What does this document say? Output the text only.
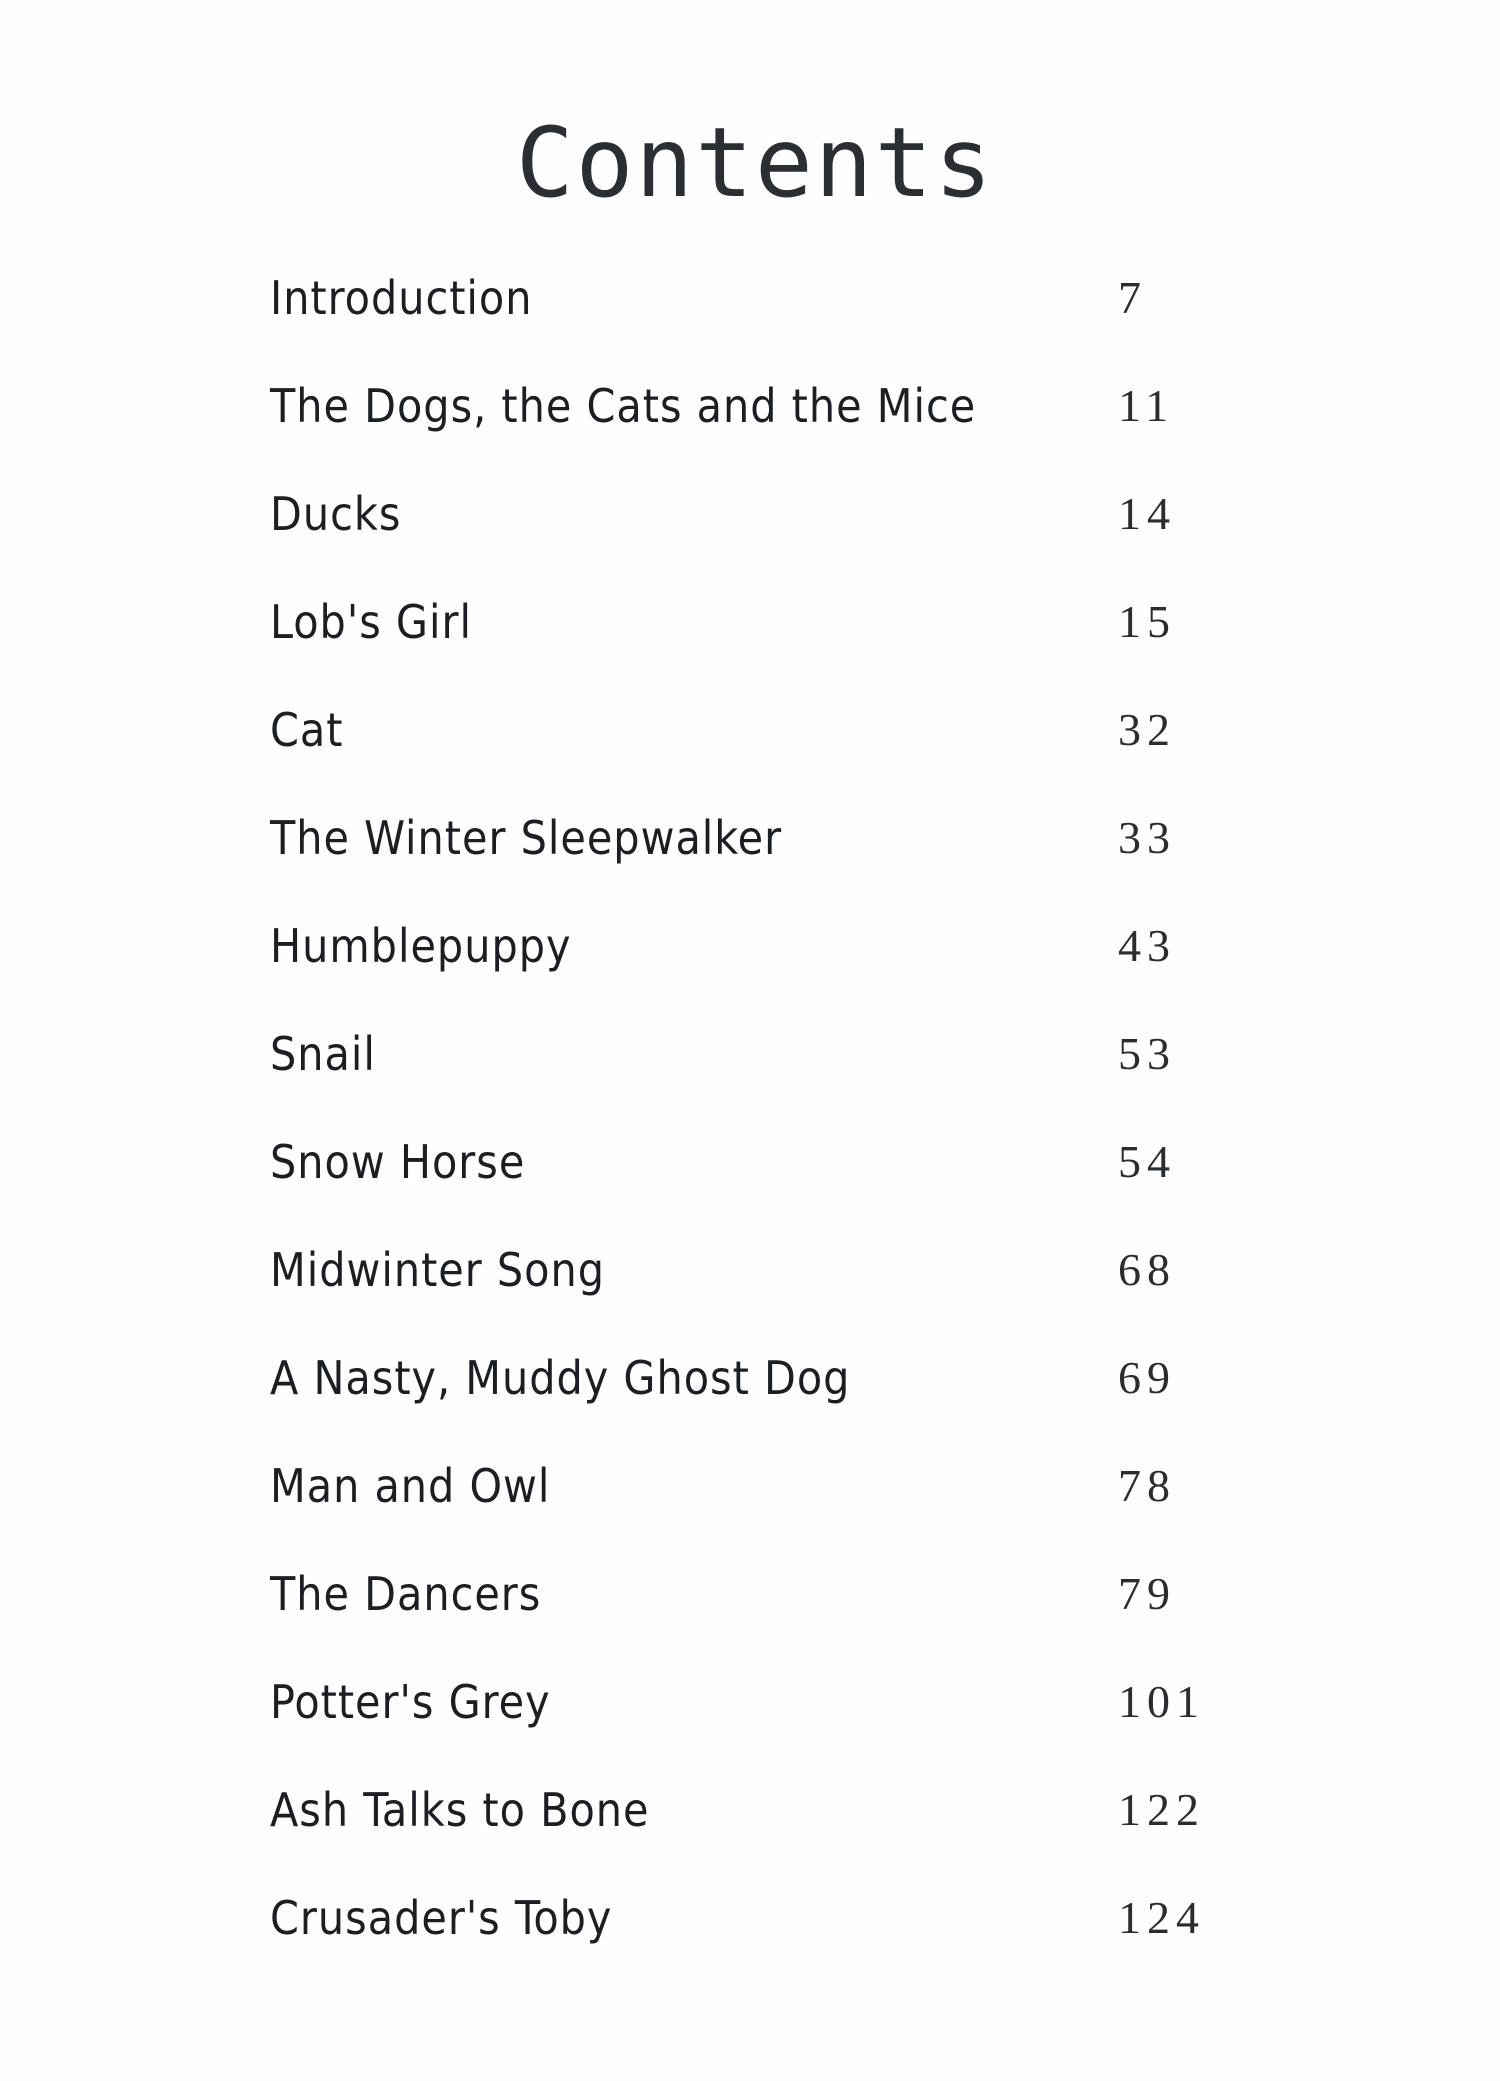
Contents
Introduction	7
The Dogs, the Cats and the Mice	11
Ducks	14
Lob's Girl	15
Cat	32
The Winter Sleepwalker	33
Humblepuppy	43
Snail	53
Snow Horse	54
Midwinter Song	68
A Nasty, Muddy Ghost Dog	69
Man and Owl	78
The Dancers	79
Potter's Grey	101
Ash Talks to Bone	122
Crusader's Toby	124
